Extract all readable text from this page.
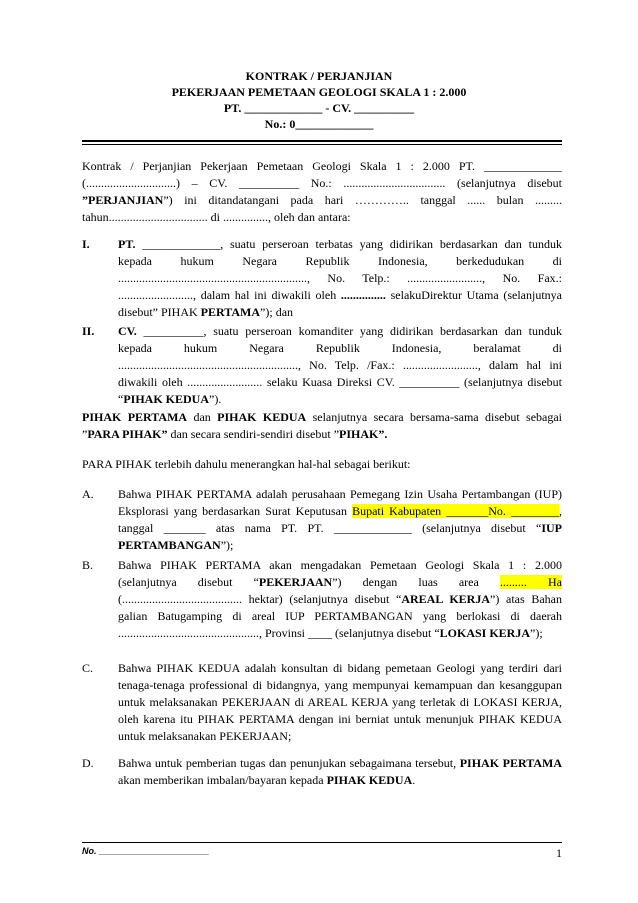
KONTRAK / PERJANJIAN
PEKERJAAN PEMETAAN GEOLOGI SKALA 1 : 2.000
PT. _____________ - CV. __________
No.: 0_____________
Kontrak / Perjanjian Pekerjaan Pemetaan Geologi Skala 1 : 2.000 PT. _____________ (..............................) – CV. __________ No.: .................................. (selanjutnya disebut ”PERJANJIAN”) ini ditandatangani pada hari ………….. tanggal ...... bulan ......... tahun................................. di ..............., oleh dan antara:
I. PT. _____________, suatu perseroan terbatas yang didirikan berdasarkan dan tunduk kepada hukum Negara Republik Indonesia, berkedudukan di ..............................................................., No. Telp.: ........................., No. Fax.: ........................., dalam hal ini diwakili oleh ............... selakuDirektur Utama (selanjutnya disebut” PIHAK PERTAMA”); dan
II. CV. __________, suatu perseroan komanditer yang didirikan berdasarkan dan tunduk kepada hukum Negara Republik Indonesia, beralamat di ............................................................, No. Telp. /Fax.: ........................., dalam hal ini diwakili oleh ......................... selaku Kuasa Direksi CV. __________ (selanjutnya disebut “PIHAK KEDUA”).
PIHAK PERTAMA dan PIHAK KEDUA selanjutnya secara bersama-sama disebut sebagai ”PARA PIHAK” dan secara sendiri-sendiri disebut ”PIHAK”.
PARA PIHAK terlebih dahulu menerangkan hal-hal sebagai berikut:
A. Bahwa PIHAK PERTAMA adalah perusahaan Pemegang Izin Usaha Pertambangan (IUP) Eksplorasi yang berdasarkan Surat Keputusan Bupati Kabupaten _______No. ________, tanggal _______ atas nama PT. PT. _____________ (selanjutnya disebut “IUP PERTAMBANGAN”);
B. Bahwa PIHAK PERTAMA akan mengadakan Pemetaan Geologi Skala 1 : 2.000 (selanjutnya disebut “PEKERJAAN”) dengan luas area ......... Ha (........................................ hektar) (selanjutnya disebut “AREAL KERJA”) atas Bahan galian Batugamping di areal IUP PERTAMBANGAN yang berlokasi di daerah ..............................................., Provinsi ____ (selanjutnya disebut “LOKASI KERJA”);
C. Bahwa PIHAK KEDUA adalah konsultan di bidang pemetaan Geologi yang terdiri dari tenaga-tenaga professional di bidangnya, yang mempunyai kemampuan dan kesanggupan untuk melaksanakan PEKERJAAN di AREAL KERJA yang terletak di LOKASI KERJA, oleh karena itu PIHAK PERTAMA dengan ini berniat untuk menunjuk PIHAK KEDUA untuk melaksanakan PEKERJAAN;
D. Bahwa untuk pemberian tugas dan penunjukan sebagaimana tersebut, PIHAK PERTAMA akan memberikan imbalan/bayaran kepada PIHAK KEDUA.
No. ______________________	1
